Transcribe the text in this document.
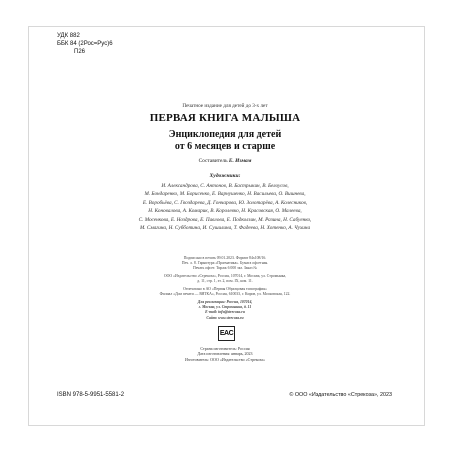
УДК 882
ББК 84 (2Рос=Рус)6
П26
Печатное издание для детей до 3-х лет
ПЕРВАЯ КНИГА МАЛЫША
Энциклопедия для детей
от 6 месяцев и старше
Составитель Е. Измам
Художники:
И. Александрова, С. Антонов, В. Бастрыкин, В. Белоусов,
М. Бондаренко, М. Борисенко, Е. Варнушенко, Н. Васильева, О. Вишнева,
Е. Воробьёва, С. Гвоздарева, Д. Гончарова, Ю. Золотарёва, А. Колесников,
Н. Коновалова, А. Комарик, В. Королевко, Н. Красовская, О. Малеева,
С. Мосенкова, Е. Ноздрова, Е. Павлова, Е. Подколзин, М. Разина, Н. Сабуенко,
М. Смагина, Н. Субботина, И. Сушилина, Т. Фадеева, Н. Хотенко, А. Чухина

Подписано в печать 09.01.2023. Формат 84x108/16.
Печ. л. 8. Гарнитура «Прагматика». Бумага офсетная.
Печать офсет. Тираж 6 000 экз. Заказ №

ООО «Издательство «Стрекоза», Россия, 107014, г. Москва, ул. Стромынка,
д. 11, стр. 1, эт. 2, пом. IX, ком. 11.

Отпечатано в АО «Первая Образцовая типография»
Филиал «Дом печати — ВЯТКА», Россия, 610033, г. Киров, ул. Московская, 122.

Для реализации: Россия, 107014,
г. Москва, ул. Стромынка, д. 11
E-mail: info@strecoza.ru
Сайт: www.strecoza.ru

EAC
Страна изготовитель: Россия
Дата изготовления: январь, 2023
Изготовитель: ООО «Издательство «Стрекоза»
ISBN 978-5-9951-5581-2	© ООО «Издательство «Стрекоза», 2023
